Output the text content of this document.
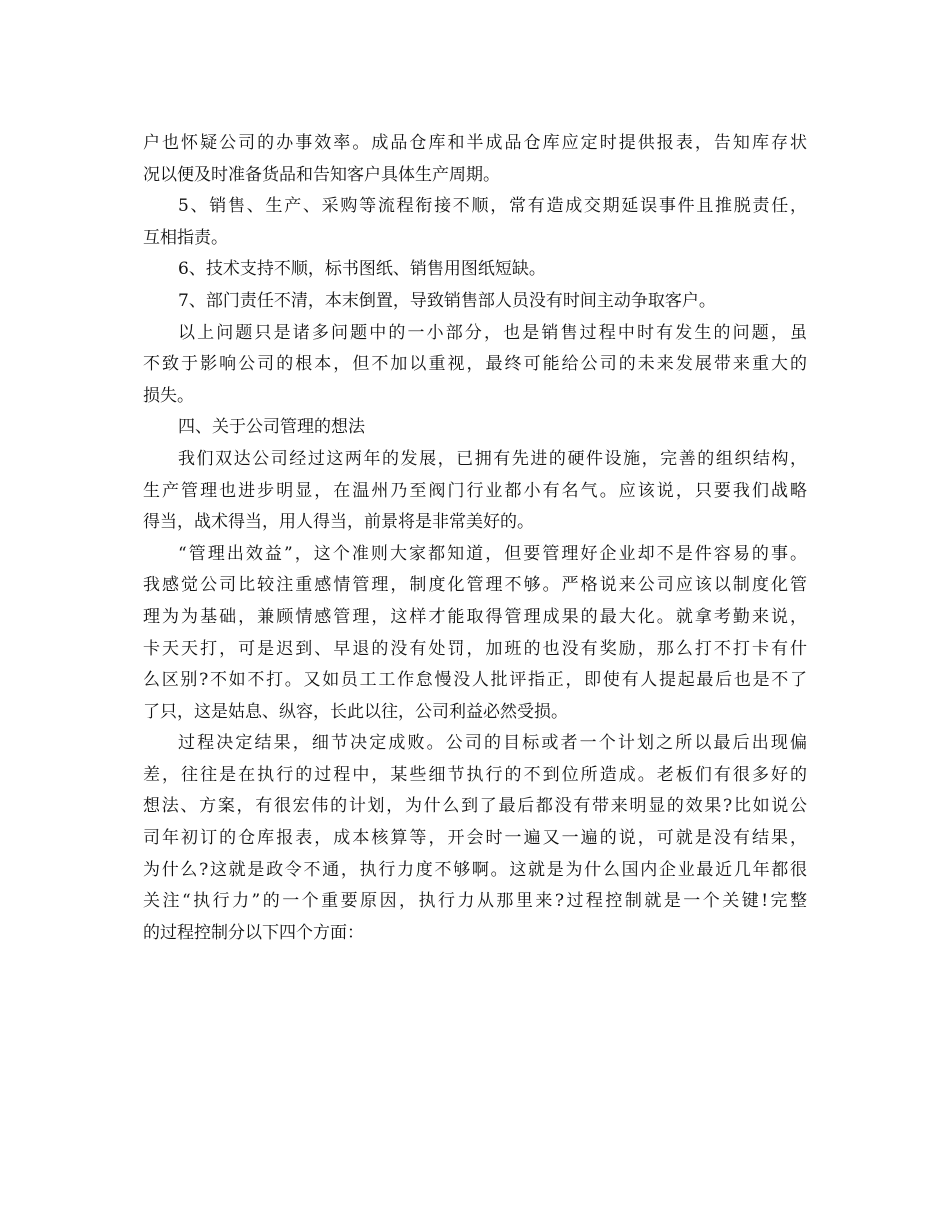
户也怀疑公司的办事效率。成品仓库和半成品仓库应定时提供报表，告知库存状
况以便及时准备货品和告知客户具体生产周期。
5、销售、生产、采购等流程衔接不顺，常有造成交期延误事件且推脱责任，
互相指责。
6、技术支持不顺，标书图纸、销售用图纸短缺。
7、部门责任不清，本末倒置，导致销售部人员没有时间主动争取客户。
以上问题只是诸多问题中的一小部分，也是销售过程中时有发生的问题，虽
不致于影响公司的根本，但不加以重视，最终可能给公司的未来发展带来重大的
损失。
四、关于公司管理的想法
我们双达公司经过这两年的发展，已拥有先进的硬件设施，完善的组织结构，
生产管理也进步明显，在温州乃至阀门行业都小有名气。应该说，只要我们战略
得当，战术得当，用人得当，前景将是非常美好的。
“管理出效益”，这个准则大家都知道，但要管理好企业却不是件容易的事。
我感觉公司比较注重感情管理，制度化管理不够。严格说来公司应该以制度化管
理为为基础，兼顾情感管理，这样才能取得管理成果的最大化。就拿考勤来说，
卡天天打，可是迟到、早退的没有处罚，加班的也没有奖励，那么打不打卡有什
么区别?不如不打。又如员工工作怠慢没人批评指正，即使有人提起最后也是不了
了只，这是姑息、纵容，长此以往，公司利益必然受损。
过程决定结果，细节决定成败。公司的目标或者一个计划之所以最后出现偏
差，往往是在执行的过程中，某些细节执行的不到位所造成。老板们有很多好的
想法、方案，有很宏伟的计划，为什么到了最后都没有带来明显的效果?比如说公
司年初订的仓库报表，成本核算等，开会时一遍又一遍的说，可就是没有结果，
为什么?这就是政令不通，执行力度不够啊。这就是为什么国内企业最近几年都很
关注“执行力”的一个重要原因，执行力从那里来?过程控制就是一个关键!完整
的过程控制分以下四个方面：
